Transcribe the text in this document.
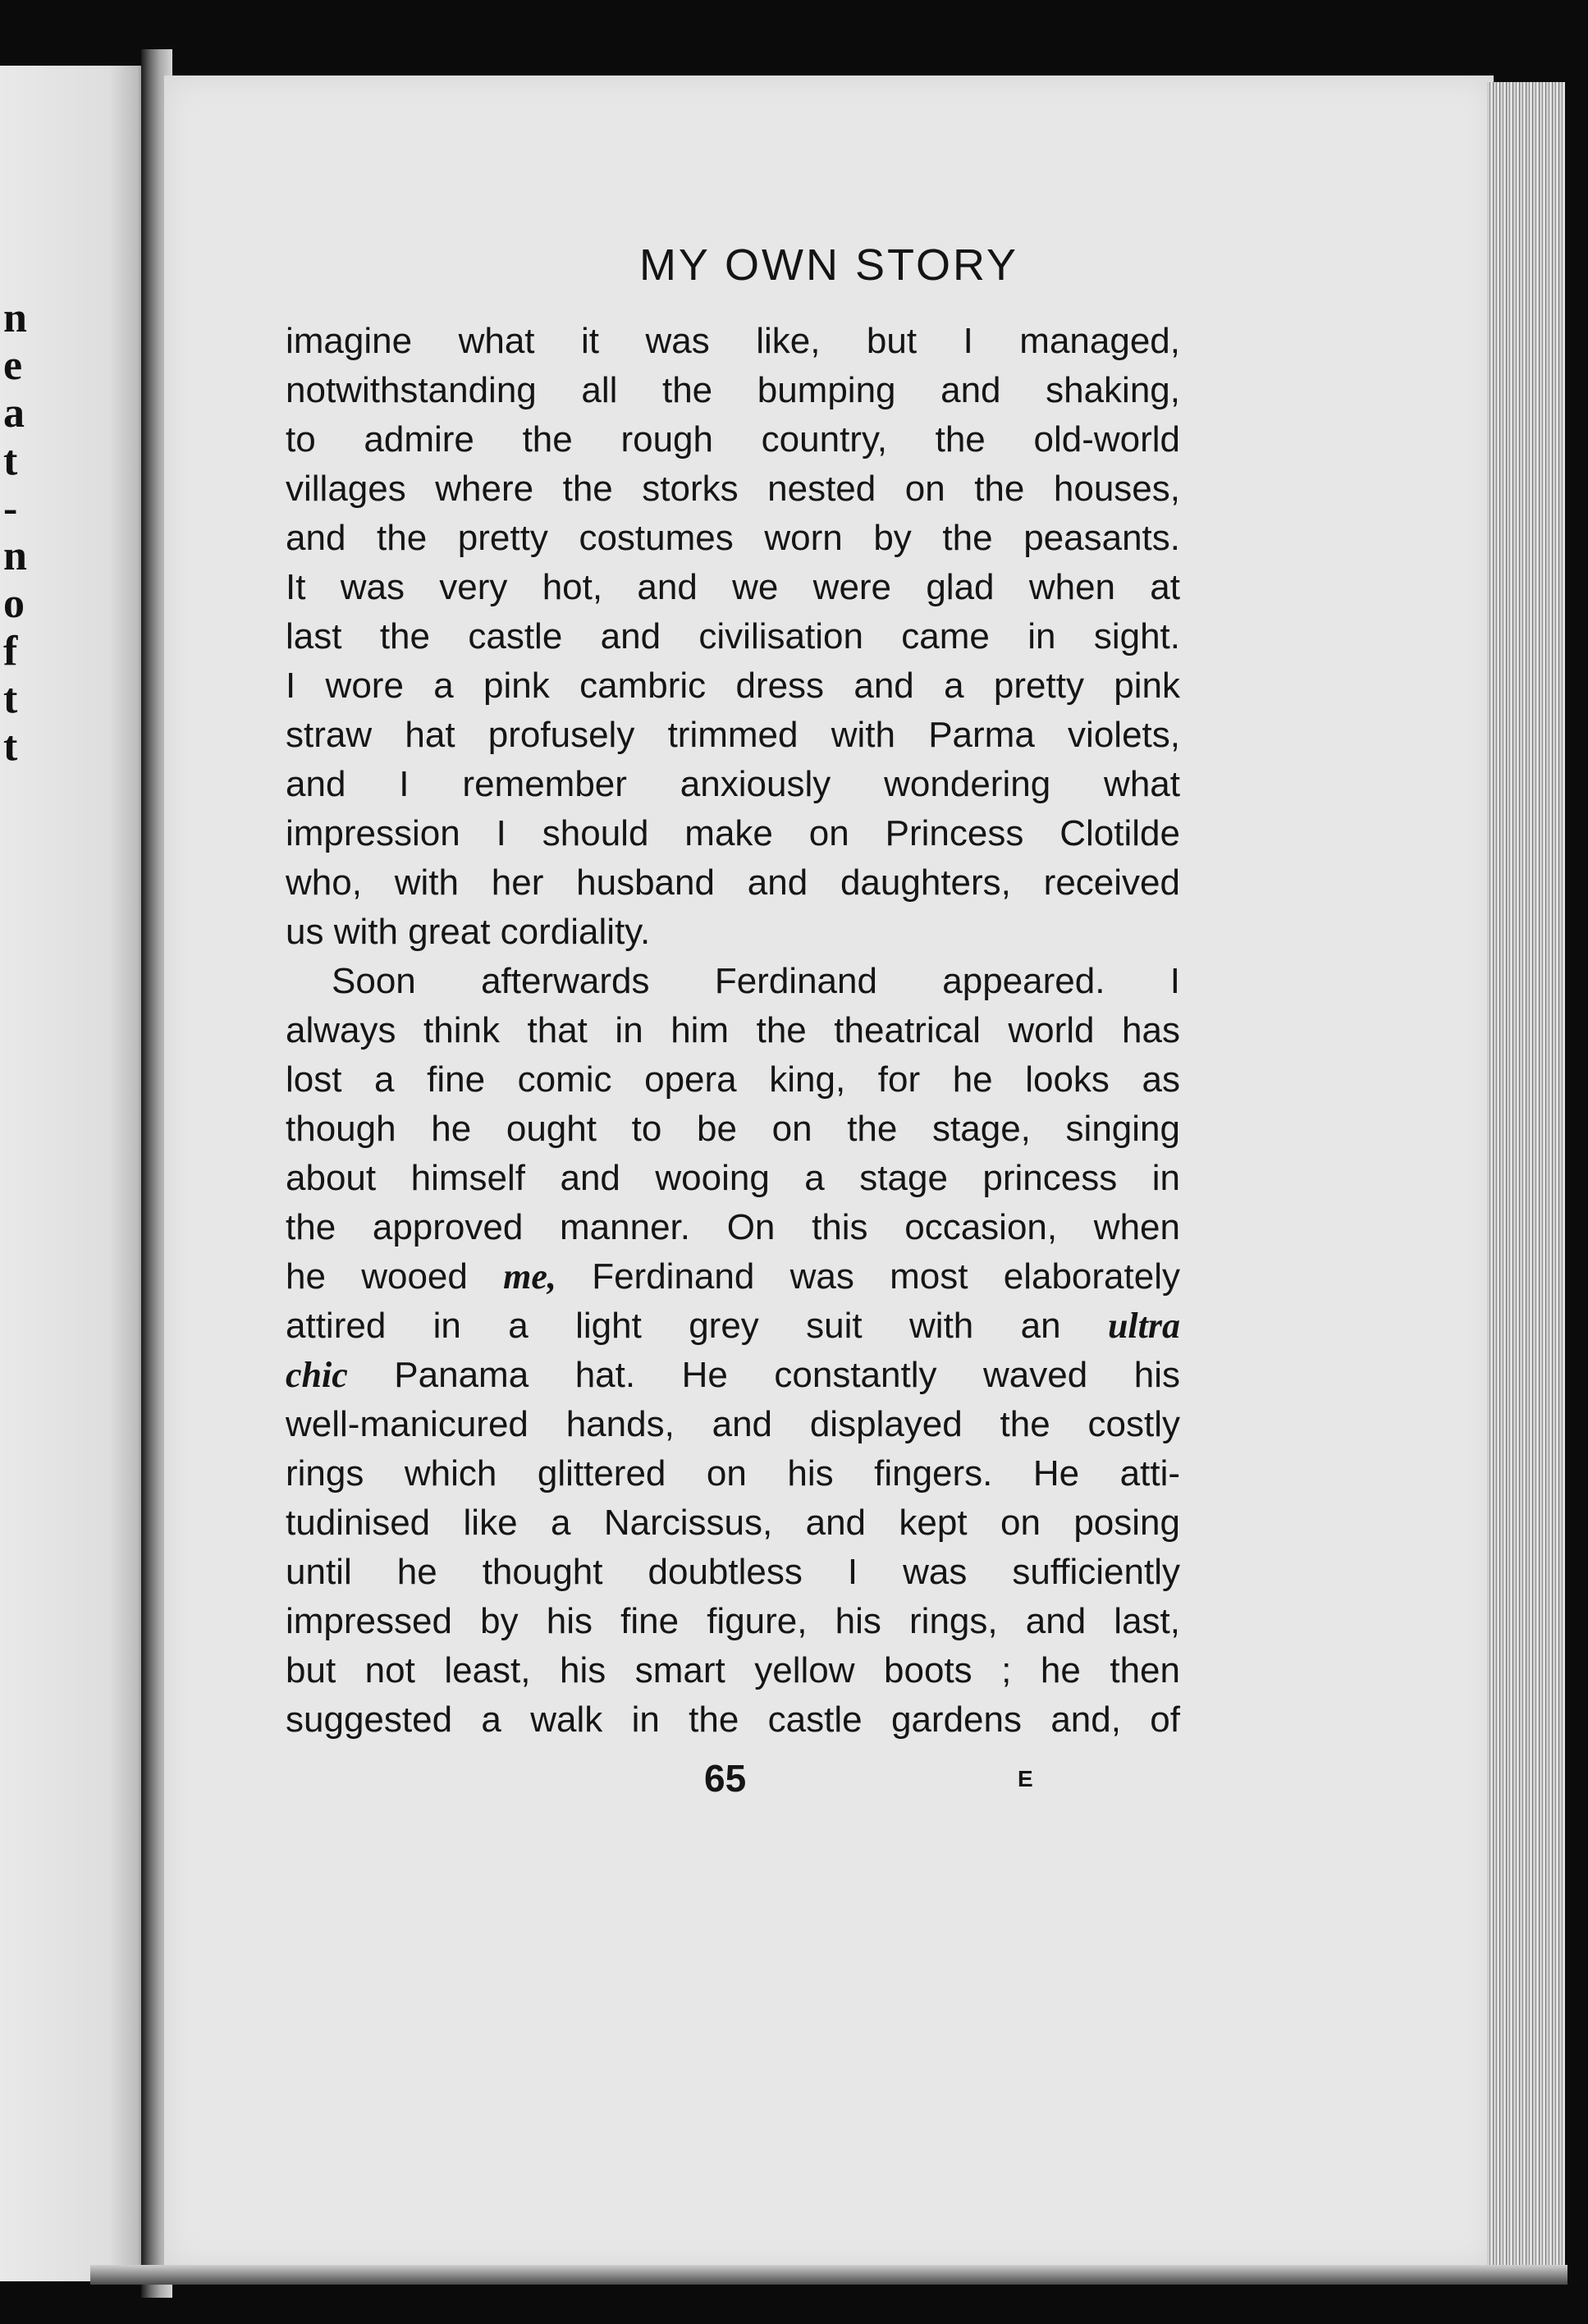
n
e
a
t
-
n
o
f
t
t
MY OWN STORY
imagine what it was like, but I managed,
notwithstanding all the bumping and shaking,
to admire the rough country, the old-world
villages where the storks nested on the houses,
and the pretty costumes worn by the peasants.
It was very hot, and we were glad when at
last the castle and civilisation came in sight.
I wore a pink cambric dress and a pretty pink
straw hat profusely trimmed with Parma violets,
and I remember anxiously wondering what
impression I should make on Princess Clotilde
who, with her husband and daughters, received
us with great cordiality.
Soon afterwards Ferdinand appeared. I
always think that in him the theatrical world has
lost a fine comic opera king, for he looks as
though he ought to be on the stage, singing
about himself and wooing a stage princess in
the approved manner. On this occasion, when
he wooed me, Ferdinand was most elaborately
attired in a light grey suit with an ultra
chic Panama hat. He constantly waved his
well-manicured hands, and displayed the costly
rings which glittered on his fingers. He atti-
tudinised like a Narcissus, and kept on posing
until he thought doubtless I was sufficiently
impressed by his fine figure, his rings, and last,
but not least, his smart yellow boots ; he then
suggested a walk in the castle gardens and, of
65	E
